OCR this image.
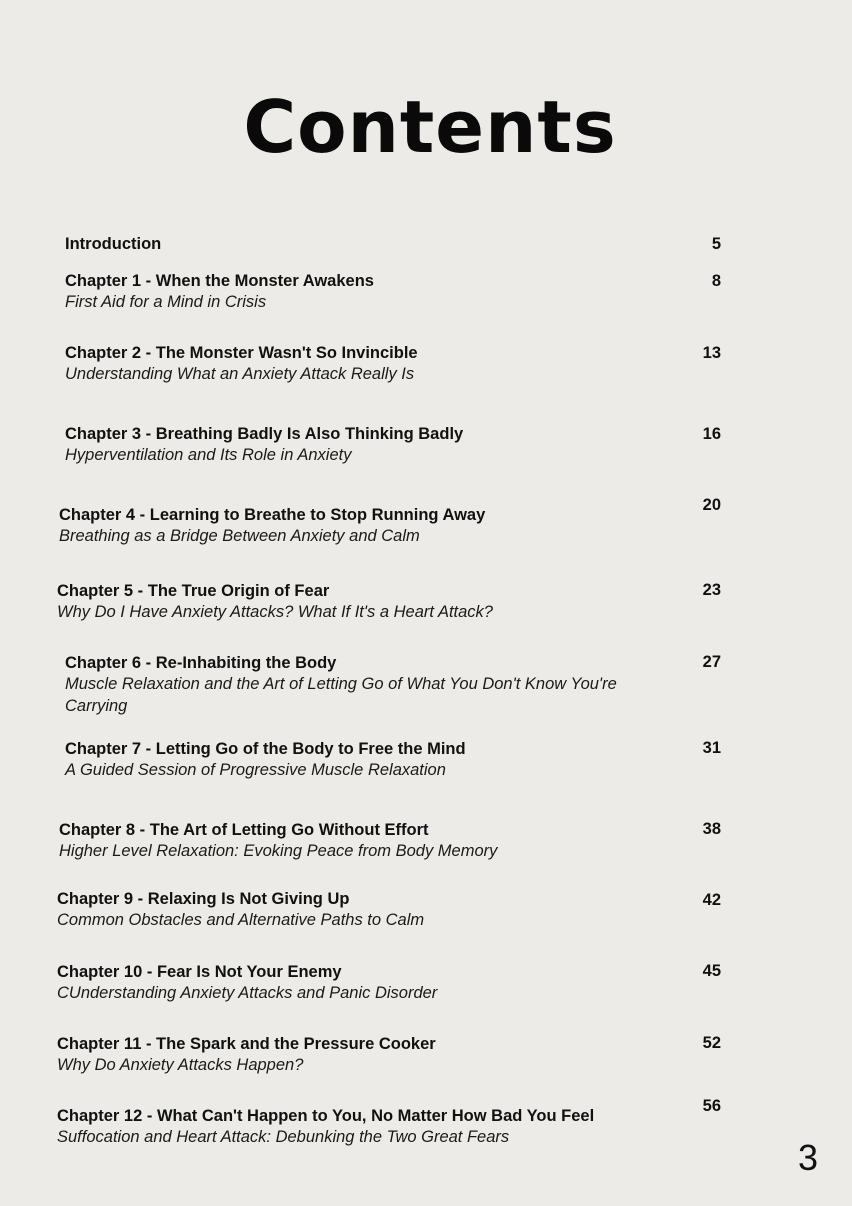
Contents
Introduction	5
Chapter 1 - When the Monster Awakens
First Aid for a Mind in Crisis
8
Chapter 2 - The Monster Wasn't So Invincible
Understanding What an Anxiety Attack Really Is
13
Chapter 3 - Breathing Badly Is Also Thinking Badly
Hyperventilation and Its Role in Anxiety
16
Chapter 4 - Learning to Breathe to Stop Running Away
Breathing as a Bridge Between Anxiety and Calm
20
Chapter 5 - The True Origin of Fear
Why Do I Have Anxiety Attacks? What If It's a Heart Attack?
23
Chapter 6 - Re-Inhabiting the Body
Muscle Relaxation and the Art of Letting Go of What You Don't Know You're Carrying
27
Chapter 7 - Letting Go of the Body to Free the Mind
A Guided Session of Progressive Muscle Relaxation
31
Chapter 8 - The Art of Letting Go Without Effort
Higher Level Relaxation: Evoking Peace from Body Memory
38
Chapter 9 - Relaxing Is Not Giving Up
Common Obstacles and Alternative Paths to Calm
42
Chapter 10 - Fear Is Not Your Enemy
CUnderstanding Anxiety Attacks and Panic Disorder
45
Chapter 11 - The Spark and the Pressure Cooker
Why Do Anxiety Attacks Happen?
52
Chapter 12 - What Can't Happen to You, No Matter How Bad You Feel
Suffocation and Heart Attack: Debunking the Two Great Fears
56
3
